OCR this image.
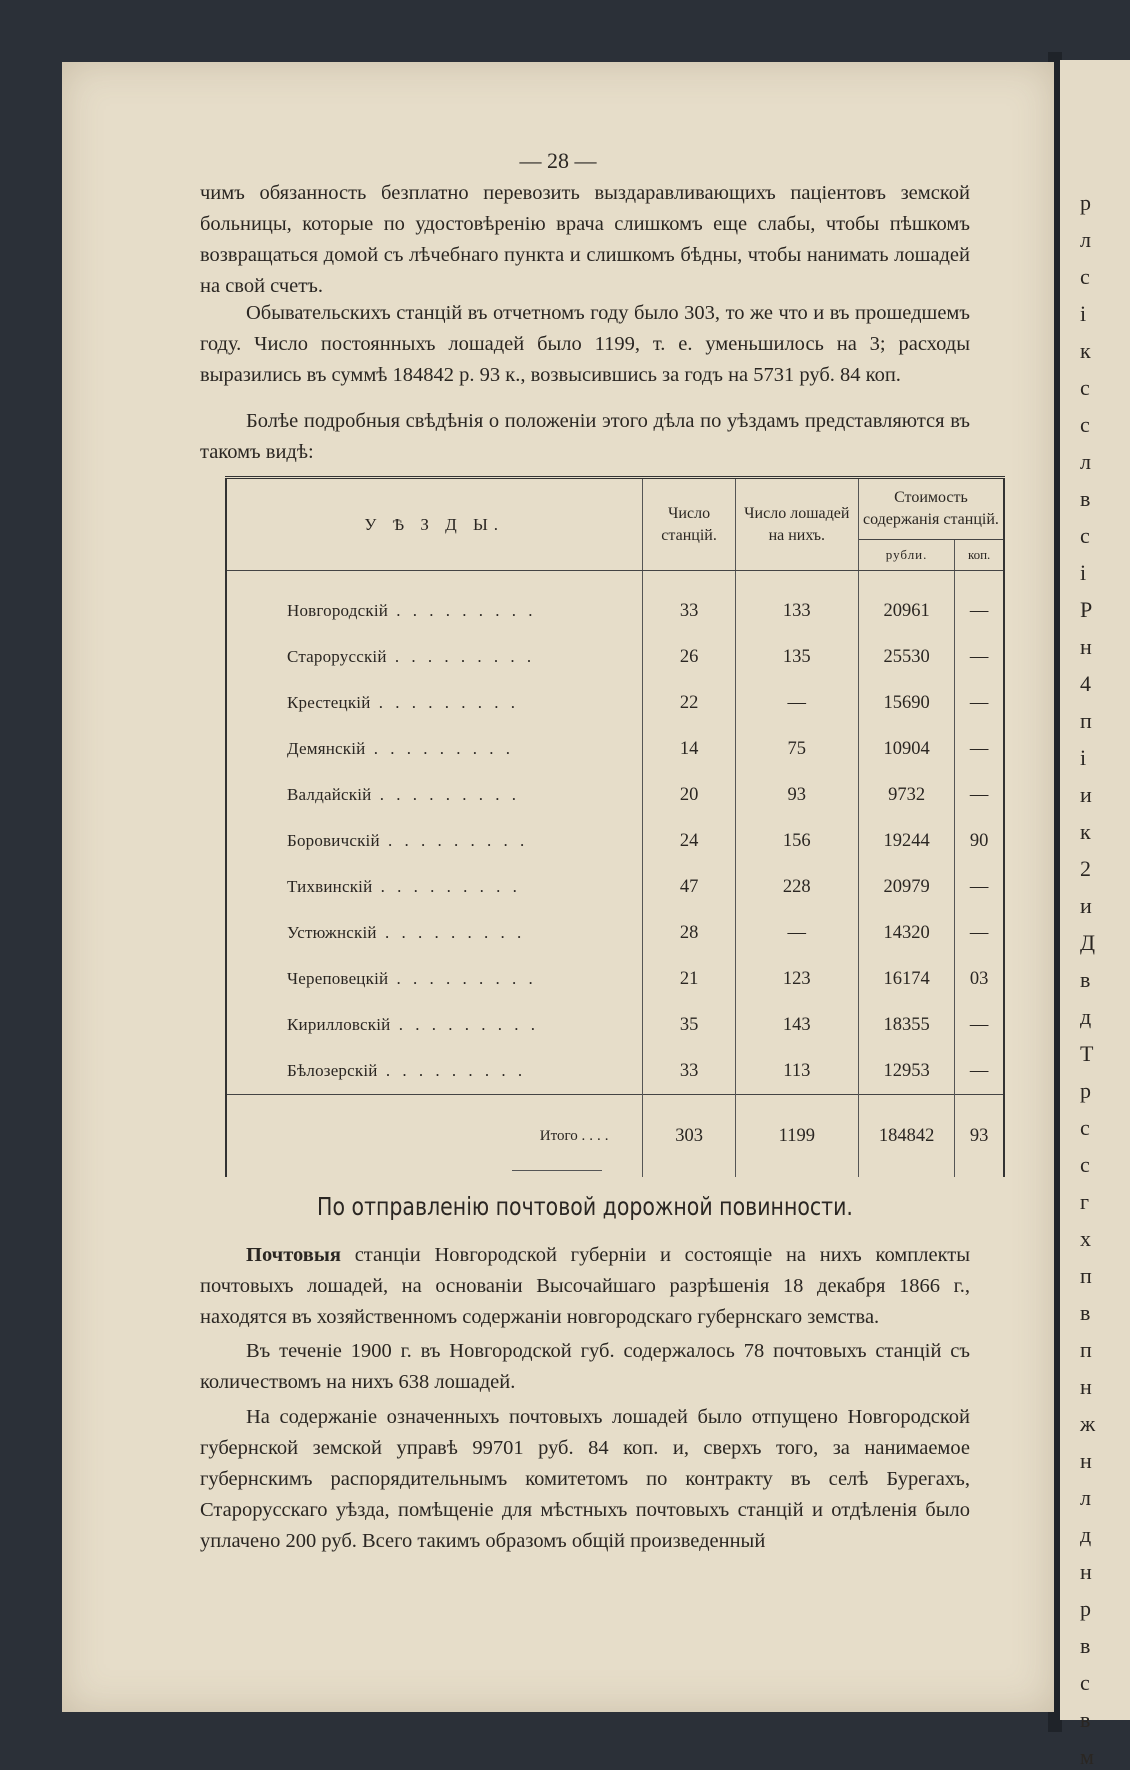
р
л
с
і
к
с
с
л
в
с
і
Р
н
4
п
і
и
к
2
и
Д
в
д
Т
р
с
с
г
х
п
в
п
н
ж
н
л
д
н
р
в
с
в
м
— 28 —

чимъ обязанность безплатно перевозить выздаравливающихъ паціентовъ земской больницы, которые по удостовѣренію врача слишкомъ еще слабы, чтобы пѣшкомъ возвращаться домой съ лѣчебнаго пункта и слишкомъ бѣдны, чтобы нанимать лошадей на свой счетъ.

Обывательскихъ станцій въ отчетномъ году было 303, то же что и въ прошедшемъ году. Число постоянныхъ лошадей было 1199, т. е. уменьшилось на 3; расходы выразились въ суммѣ 184842 р. 93 к., возвысившись за годъ на 5731 руб. 84 коп.

Болѣе подробныя свѣдѣнія о положеніи этого дѣла по уѣздамъ представляются въ такомъ видѣ:

У Ѣ З Д Ы.	Число станцій.	Число лошадей на нихъ.	Стоимость содержанія станцій.	
			рубли.	коп.
Новгородскій . . . . . . . . .	33	133	20961	—
Старорусскій . . . . . . . . .	26	135	25530	—
Крестецкій . . . . . . . . .	22	—	15690	—
Демянскій . . . . . . . . .	14	75	10904	—
Валдайскій . . . . . . . . .	20	93	9732	—
Боровичскій . . . . . . . . .	24	156	19244	90
Тихвинскій . . . . . . . . .	47	228	20979	—
Устюжнскій . . . . . . . . .	28	—	14320	—
Череповецкій . . . . . . . . .	21	123	16174	03
Кирилловскій . . . . . . . . .	35	143	18355	—
Бѣлозерскій . . . . . . . . .	33	113	12953	—
Итого ....	303	1199	184842	93
По отправленію почтовой дорожной повинности.

Почтовыя станціи Новгородской губерніи и состоящіе на нихъ комплекты почтовыхъ лошадей, на основаніи Высочайшаго разрѣшенія 18 декабря 1866 г., находятся въ хозяйственномъ содержаніи новгородскаго губернскаго земства.

Въ теченіе 1900 г. въ Новгородской губ. содержалось 78 почтовыхъ станцій съ количествомъ на нихъ 638 лошадей.

На содержаніе означенныхъ почтовыхъ лошадей было отпущено Новгородской губернской земской управѣ 99701 руб. 84 коп. и, сверхъ того, за нанимаемое губернскимъ распорядительнымъ комитетомъ по контракту въ селѣ Бурегахъ, Старорусскаго уѣзда, помѣщеніе для мѣстныхъ почтовыхъ станцій и отдѣленія было уплачено 200 руб. Всего такимъ образомъ общій произведенный
